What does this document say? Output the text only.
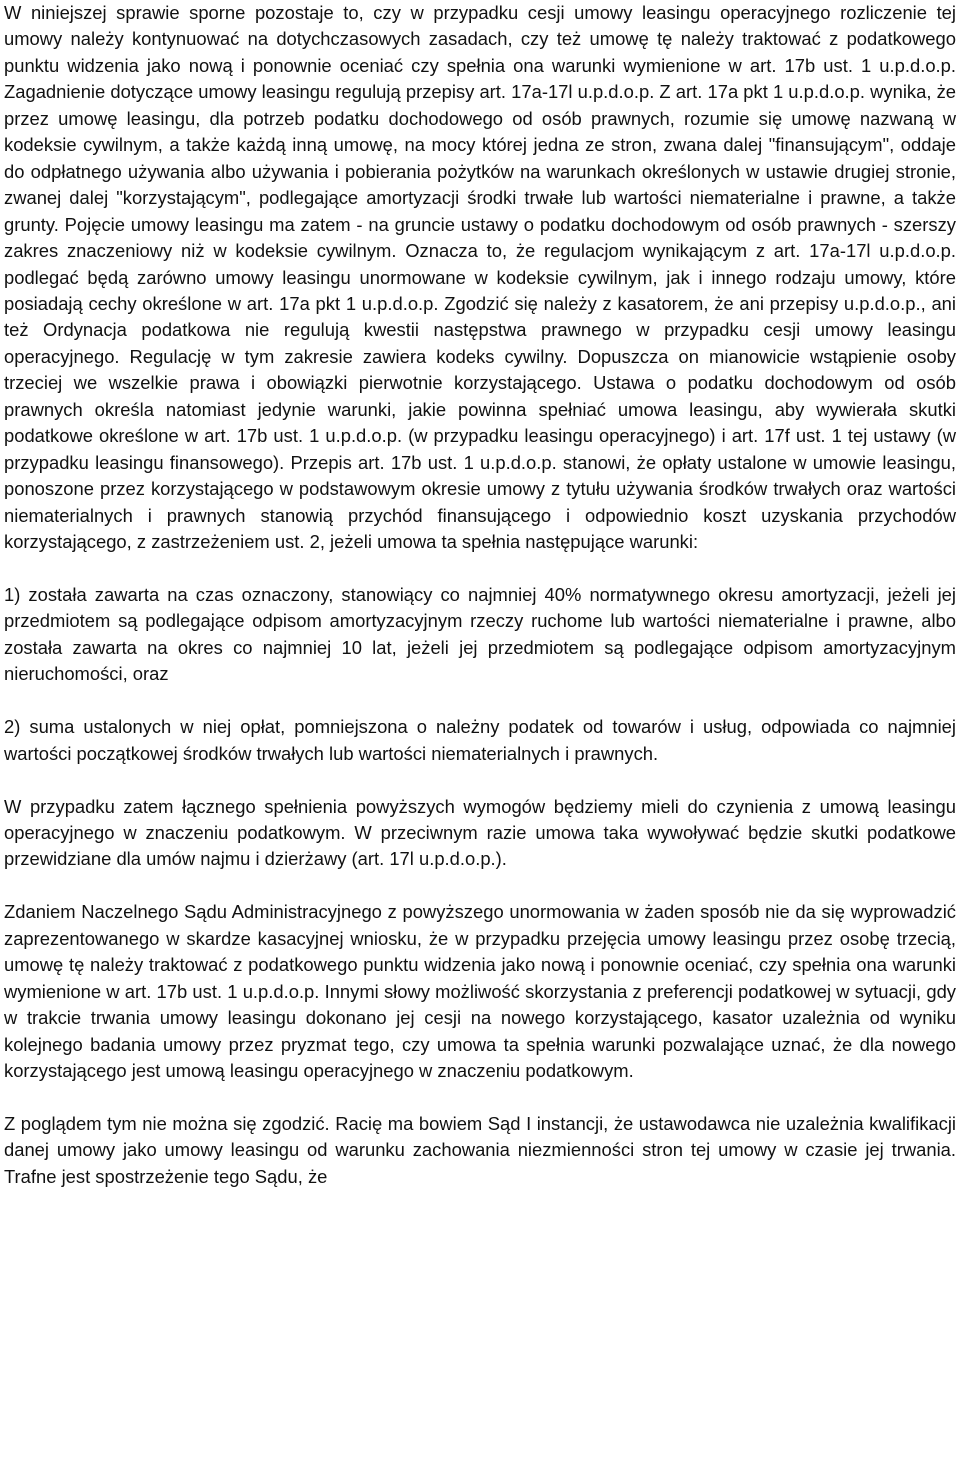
W niniejszej sprawie sporne pozostaje to, czy w przypadku cesji umowy leasingu operacyjnego rozliczenie tej umowy należy kontynuować na dotychczasowych zasadach, czy też umowę tę należy traktować z podatkowego punktu widzenia jako nową i ponownie oceniać czy spełnia ona warunki wymienione w art. 17b ust. 1 u.p.d.o.p. Zagadnienie dotyczące umowy leasingu regulują przepisy art. 17a-17l u.p.d.o.p. Z art. 17a pkt 1 u.p.d.o.p. wynika, że przez umowę leasingu, dla potrzeb podatku dochodowego od osób prawnych, rozumie się umowę nazwaną w kodeksie cywilnym, a także każdą inną umowę, na mocy której jedna ze stron, zwana dalej "finansującym", oddaje do odpłatnego używania albo używania i pobierania pożytków na warunkach określonych w ustawie drugiej stronie, zwanej dalej "korzystającym", podlegające amortyzacji środki trwałe lub wartości niematerialne i prawne, a także grunty. Pojęcie umowy leasingu ma zatem - na gruncie ustawy o podatku dochodowym od osób prawnych - szerszy zakres znaczeniowy niż w kodeksie cywilnym. Oznacza to, że regulacjom wynikającym z art. 17a-17l u.p.d.o.p. podlegać będą zarówno umowy leasingu unormowane w kodeksie cywilnym, jak i innego rodzaju umowy, które posiadają cechy określone w art. 17a pkt 1 u.p.d.o.p. Zgodzić się należy z kasatorem, że ani przepisy u.p.d.o.p., ani też Ordynacja podatkowa nie regulują kwestii następstwa prawnego w przypadku cesji umowy leasingu operacyjnego. Regulację w tym zakresie zawiera kodeks cywilny. Dopuszcza on mianowicie wstąpienie osoby trzeciej we wszelkie prawa i obowiązki pierwotnie korzystającego. Ustawa o podatku dochodowym od osób prawnych określa natomiast jedynie warunki, jakie powinna spełniać umowa leasingu, aby wywierała skutki podatkowe określone w art. 17b ust. 1 u.p.d.o.p. (w przypadku leasingu operacyjnego) i art. 17f ust. 1 tej ustawy (w przypadku leasingu finansowego). Przepis art. 17b ust. 1 u.p.d.o.p. stanowi, że opłaty ustalone w umowie leasingu, ponoszone przez korzystającego w podstawowym okresie umowy z tytułu używania środków trwałych oraz wartości niematerialnych i prawnych stanowią przychód finansującego i odpowiednio koszt uzyskania przychodów korzystającego, z zastrzeżeniem ust. 2, jeżeli umowa ta spełnia następujące warunki:

1) została zawarta na czas oznaczony, stanowiący co najmniej 40% normatywnego okresu amortyzacji, jeżeli jej przedmiotem są podlegające odpisom amortyzacyjnym rzeczy ruchome lub wartości niematerialne i prawne, albo została zawarta na okres co najmniej 10 lat, jeżeli jej przedmiotem są podlegające odpisom amortyzacyjnym nieruchomości, oraz

2) suma ustalonych w niej opłat, pomniejszona o należny podatek od towarów i usług, odpowiada co najmniej wartości początkowej środków trwałych lub wartości niematerialnych i prawnych.

W przypadku zatem łącznego spełnienia powyższych wymogów będziemy mieli do czynienia z umową leasingu operacyjnego w znaczeniu podatkowym. W przeciwnym razie umowa taka wywoływać będzie skutki podatkowe przewidziane dla umów najmu i dzierżawy (art. 17l u.p.d.o.p.).

Zdaniem Naczelnego Sądu Administracyjnego z powyższego unormowania w żaden sposób nie da się wyprowadzić zaprezentowanego w skardze kasacyjnej wniosku, że w przypadku przejęcia umowy leasingu przez osobę trzecią, umowę tę należy traktować z podatkowego punktu widzenia jako nową i ponownie oceniać, czy spełnia ona warunki wymienione w art. 17b ust. 1 u.p.d.o.p. Innymi słowy możliwość skorzystania z preferencji podatkowej w sytuacji, gdy w trakcie trwania umowy leasingu dokonano jej cesji na nowego korzystającego, kasator uzależnia od wyniku kolejnego badania umowy przez pryzmat tego, czy umowa ta spełnia warunki pozwalające uznać, że dla nowego korzystającego jest umową leasingu operacyjnego w znaczeniu podatkowym.

Z poglądem tym nie można się zgodzić. Racię ma bowiem Sąd I instancji, że ustawodawca nie uzależnia kwalifikacji danej umowy jako umowy leasingu od warunku zachowania niezmienności stron tej umowy w czasie jej trwania. Trafne jest spostrzeżenie tego Sądu, że
